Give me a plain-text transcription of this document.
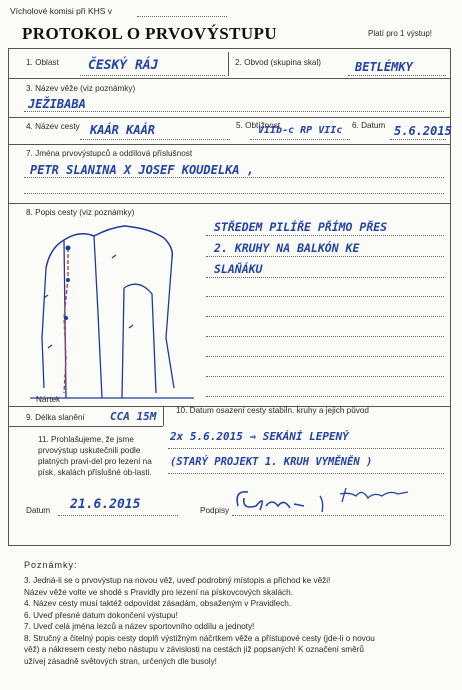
Vícholové komisi při KHS v
PROTOKOL O PRVOVÝSTUPU	Platí pro 1 výstup!
1. Oblast ČESKÝ RÁJ	2. Obvod (skupina skal)	BETLÉMKY
3. Název věže (viz poznámky)
JEŽIBABA
4. Název cesty KAÁR KAÁR	5. Obtížnost
VIIb-c RP VIIc 6. Datum 5.6.2015
7. Jména prvovýstupců a oddílová příslušnost
PETR SLANINA X JOSEF KOUDELKA ,
8. Popis cesty (viz poznámky)
Nártek
STŘEDEM PILÍŘE PŘÍMO PŘES
2. KRUHY NA BALKÓN KE
SLAŇÁKU
9. Délka slanění CCA 15M 10. Datum osazení cesty stabiln. kruhy a jejich původ
2x 5.6.2015 ⇒ SEKÁNÍ LEPENÝ
(STARÝ PROJEKT 1. KRUH VYMĚNĚN )
11. Prohlašujeme, že jsme prvovýstup uskutečnili podle platných pravi-del pro lezení na písk. skalách příslušné ob-lasti.
Datum 21.6.2015	Podpisy
Poznámky:

3. Jedná-li se o prvovýstup na novou věž, uveď podrobný místopis a přichod ke věži!

Název věže volte ve shodě s Pravidly pro lezení na pískovcových skalách.

4. Název cesty musí taktéž odpovídat zásadám, obsaženým v Pravidlech.

6. Uveď přesné datum dokončení výstupu!

7. Uveď celá jména lezců a název sportovního oddílu a jednoty!

8. Stručný a čitelný popis cesty doplň výstižným náčrtkem věže a přístupové cesty (jde-li o novou

věž) a nákresem cesty nebo nástupu v závislosti na cestách již popsaných! K označení směrů

užívej zásadně světových stran, určených dle busoly!
